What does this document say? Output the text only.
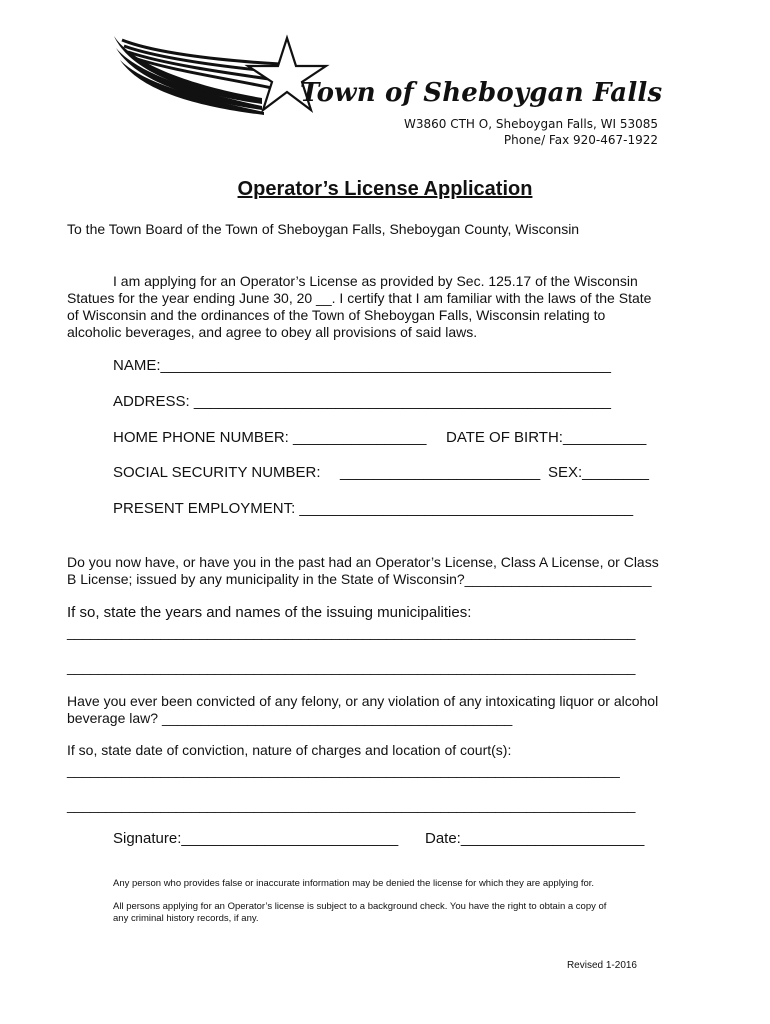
Town of Sheboygan Falls
W3860 CTH O, Sheboygan Falls, WI 53085
Phone/ Fax 920-467-1922
Operator’s License Application
To the Town Board of the Town of Sheboygan Falls, Sheboygan County, Wisconsin
I am applying for an Operator’s License as provided by Sec. 125.17 of the Wisconsin
Statues for the year ending June 30, 20 __. I certify that I am familiar with the laws of the State
of Wisconsin and the ordinances of the Town of Sheboygan Falls, Wisconsin relating to
alcoholic beverages, and agree to obey all provisions of said laws.
NAME:______________________________________________________
ADDRESS: __________________________________________________
HOME PHONE NUMBER: ________________ DATE OF BIRTH:__________
SOCIAL SECURITY NUMBER: ________________________ SEX:________
PRESENT EMPLOYMENT: ________________________________________
Do you now have, or have you in the past had an Operator’s License, Class A License, or Class
B License; issued by any municipality in the State of Wisconsin?________________________
If so, state the years and names of the issuing municipalities:
_________________________________________________________________________
_________________________________________________________________________
Have you ever been convicted of any felony, or any violation of any intoxicating liquor or alcohol
beverage law? _____________________________________________
If so, state date of conviction, nature of charges and location of court(s):
_______________________________________________________________________
_________________________________________________________________________
Signature:__________________________ Date:______________________
Any person who provides false or inaccurate information may be denied the license for which they are applying for.
All persons applying for an Operator’s license is subject to a background check. You have the right to obtain a copy of
any criminal history records, if any.
Revised 1-2016
